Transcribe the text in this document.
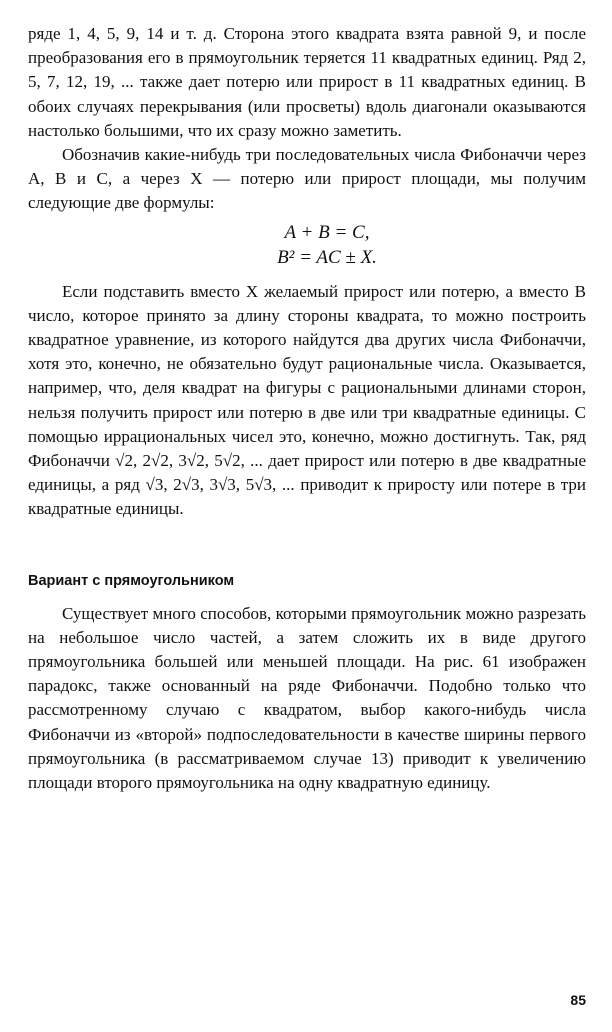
ряде 1, 4, 5, 9, 14 и т. д. Сторона этого квадрата взята равной 9, и после преобразования его в прямоугольник теряется 11 квадратных единиц. Ряд 2, 5, 7, 12, 19, ... также дает потерю или прирост в 11 квадратных единиц. В обоих случаях перекрывания (или просветы) вдоль диагонали оказываются настолько большими, что их сразу можно заметить.

Обозначив какие-нибудь три последовательных числа Фибоначчи через A, B и C, а через X — потерю или прирост площади, мы получим следующие две формулы:

A + B = C,
B² = AC ± X.

Если подставить вместо X желаемый прирост или потерю, а вместо B число, которое принято за длину стороны квадрата, то можно построить квадратное уравнение, из которого найдутся два других числа Фибоначчи, хотя это, конечно, не обязательно будут рациональные числа. Оказывается, например, что, деля квадрат на фигуры с рациональными длинами сторон, нельзя получить прирост или потерю в две или три квадратные единицы. С помощью иррациональных чисел это, конечно, можно достигнуть. Так, ряд Фибоначчи √2, 2√2, 3√2, 5√2, ... дает прирост или потерю в две квадратные единицы, а ряд √3, 2√3, 3√3, 5√3, ... приводит к приросту или потере в три квадратные единицы.

Вариант с прямоугольником

Существует много способов, которыми прямоугольник можно разрезать на небольшое число частей, а затем сложить их в виде другого прямоугольника большей или меньшей площади. На рис. 61 изображен парадокс, также основанный на ряде Фибоначчи. Подобно только что рассмотренному случаю с квадратом, выбор какого-нибудь числа Фибоначчи из «второй» подпоследовательности в качестве ширины первого прямоугольника (в рассматриваемом случае 13) приводит к увеличению площади второго прямоугольника на одну квадратную единицу.

85
